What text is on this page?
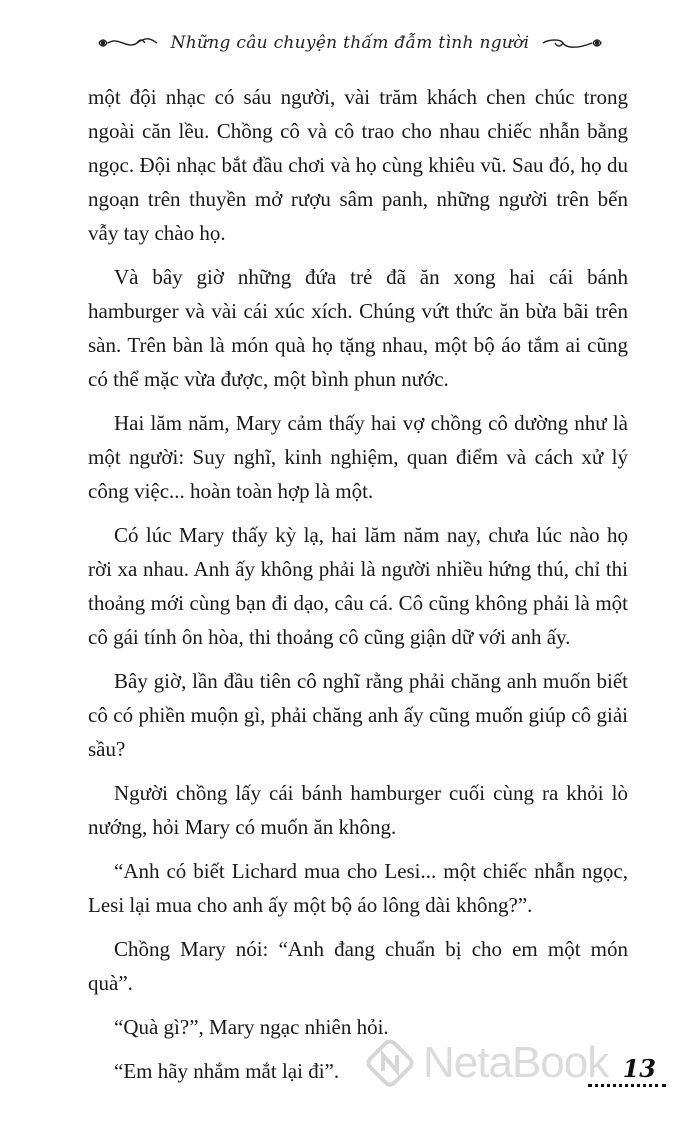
Những câu chuyện thấm đẫm tình người

một đội nhạc có sáu người, vài trăm khách chen chúc trong ngoài căn lều. Chồng cô và cô trao cho nhau chiếc nhẫn bằng ngọc. Đội nhạc bắt đầu chơi và họ cùng khiêu vũ. Sau đó, họ du ngoạn trên thuyền mở rượu sâm panh, những người trên bến vẫy tay chào họ.

Và bây giờ những đứa trẻ đã ăn xong hai cái bánh hamburger và vài cái xúc xích. Chúng vứt thức ăn bừa bãi trên sàn. Trên bàn là món quà họ tặng nhau, một bộ áo tắm ai cũng có thể mặc vừa được, một bình phun nước.

Hai lăm năm, Mary cảm thấy hai vợ chồng cô dường như là một người: Suy nghĩ, kinh nghiệm, quan điểm và cách xử lý công việc... hoàn toàn hợp là một.

Có lúc Mary thấy kỳ lạ, hai lăm năm nay, chưa lúc nào họ rời xa nhau. Anh ấy không phải là người nhiều hứng thú, chỉ thi thoảng mới cùng bạn đi dạo, câu cá. Cô cũng không phải là một cô gái tính ôn hòa, thi thoảng cô cũng giận dữ với anh ấy.

Bây giờ, lần đầu tiên cô nghĩ rằng phải chăng anh muốn biết cô có phiền muộn gì, phải chăng anh ấy cũng muốn giúp cô giải sầu?

Người chồng lấy cái bánh hamburger cuối cùng ra khỏi lò nướng, hỏi Mary có muốn ăn không.

“Anh có biết Lichard mua cho Lesi... một chiếc nhẫn ngọc, Lesi lại mua cho anh ấy một bộ áo lông dài không?”.

Chồng Mary nói: “Anh đang chuẩn bị cho em một món quà”.

“Quà gì?”, Mary ngạc nhiên hỏi.

“Em hãy nhắm mắt lại đi”.	NetaBook 13
